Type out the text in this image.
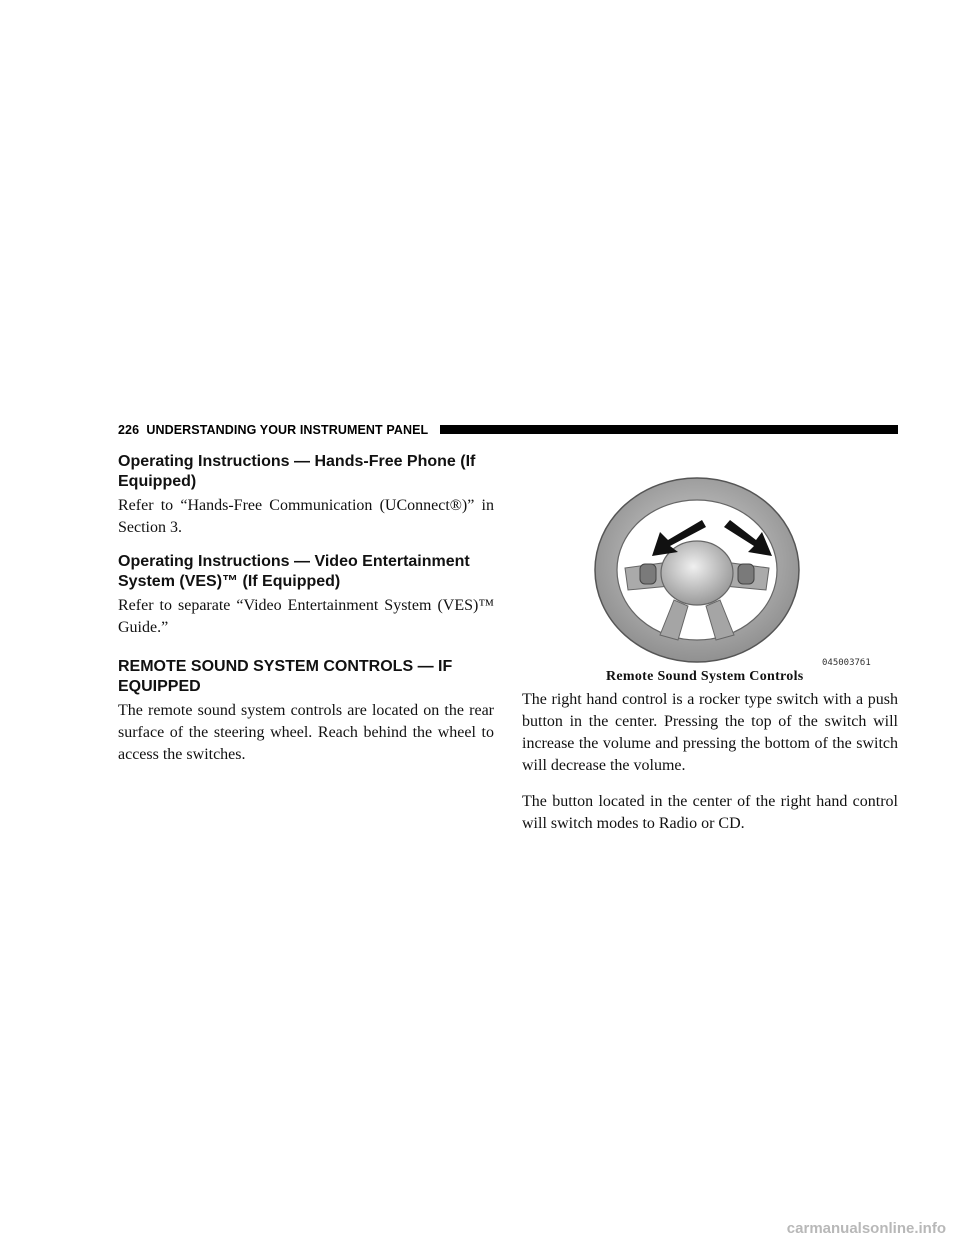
226 UNDERSTANDING YOUR INSTRUMENT PANEL
Operating Instructions — Hands-Free Phone (If Equipped)

Refer to “Hands-Free Communication (UConnect®)” in Section 3.

Operating Instructions — Video Entertainment System (VES)™ (If Equipped)

Refer to separate “Video Entertainment System (VES)™ Guide.”

REMOTE SOUND SYSTEM CONTROLS — IF EQUIPPED

The remote sound system controls are located on the rear surface of the steering wheel. Reach behind the wheel to access the switches.

0450037б1
Remote Sound System Controls

The right hand control is a rocker type switch with a push button in the center. Pressing the top of the switch will increase the volume and pressing the bottom of the switch will decrease the volume.

The button located in the center of the right hand control will switch modes to Radio or CD.

carmanualsonline.info
